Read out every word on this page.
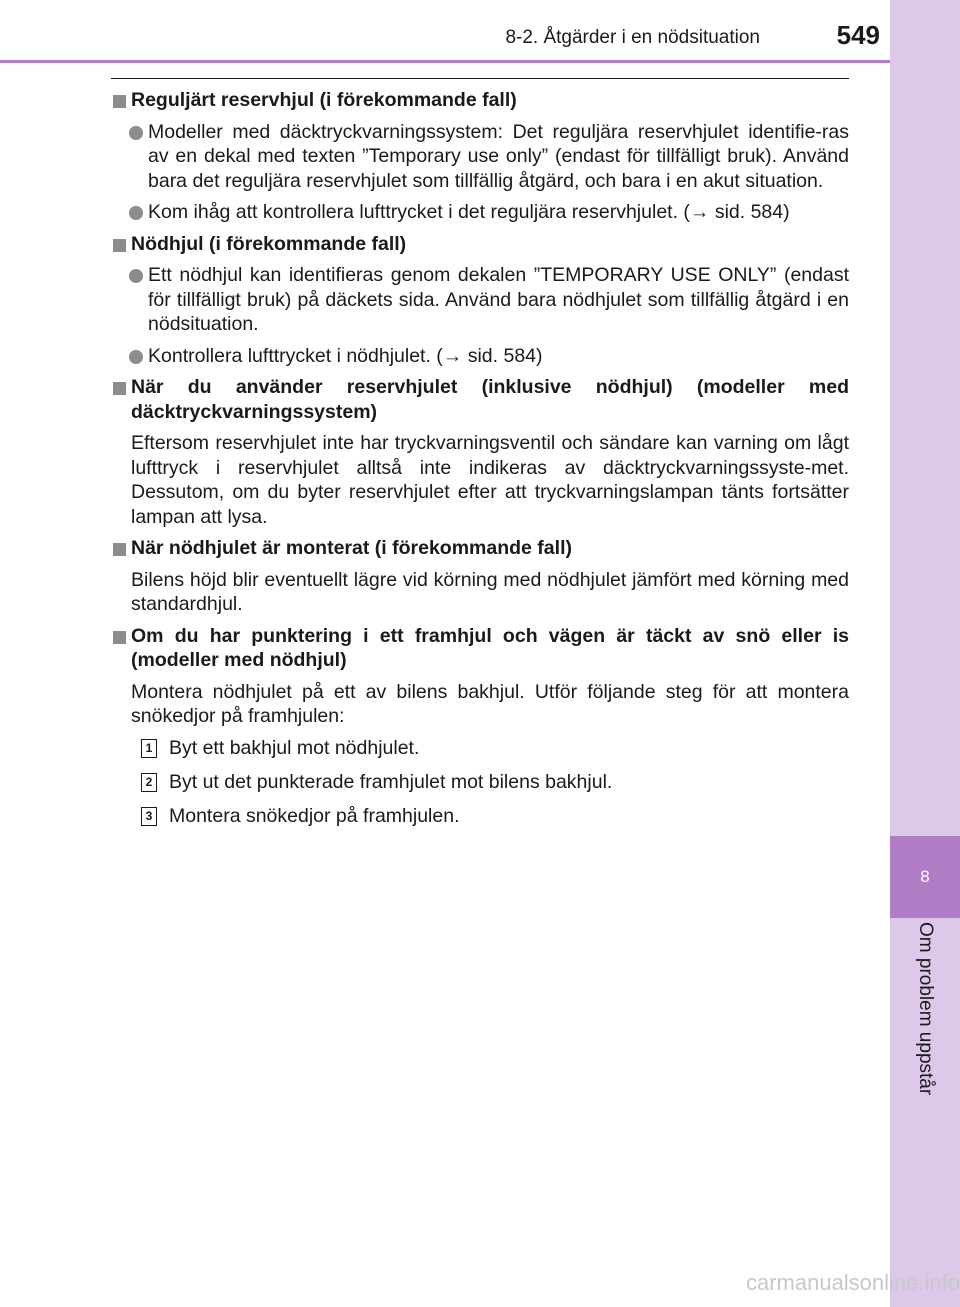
8-2. Åtgärder i en nödsituation	549
8
Om problem uppstår
Reguljärt reservhjul (i förekommande fall)
Modeller med däcktryckvarningssystem: Det reguljära reservhjulet identifie-ras av en dekal med texten ”Temporary use only” (endast för tillfälligt bruk). Använd bara det reguljära reservhjulet som tillfällig åtgärd, och bara i en akut situation.
Kom ihåg att kontrollera lufttrycket i det reguljära reservhjulet. (→ sid. 584)
Nödhjul (i förekommande fall)
Ett nödhjul kan identifieras genom dekalen ”TEMPORARY USE ONLY” (endast för tillfälligt bruk) på däckets sida. Använd bara nödhjulet som tillfällig åtgärd i en nödsituation.
Kontrollera lufttrycket i nödhjulet. (→ sid. 584)
När du använder reservhjulet (inklusive nödhjul) (modeller med däcktryckvarningssystem)
Eftersom reservhjulet inte har tryckvarningsventil och sändare kan varning om lågt lufttryck i reservhjulet alltså inte indikeras av däcktryckvarningssyste-met. Dessutom, om du byter reservhjulet efter att tryckvarningslampan tänts fortsätter lampan att lysa.
När nödhjulet är monterat (i förekommande fall)
Bilens höjd blir eventuellt lägre vid körning med nödhjulet jämfört med körning med standardhjul.
Om du har punktering i ett framhjul och vägen är täckt av snö eller is (modeller med nödhjul)
Montera nödhjulet på ett av bilens bakhjul. Utför följande steg för att montera snökedjor på framhjulen:
1 Byt ett bakhjul mot nödhjulet.
2 Byt ut det punkterade framhjulet mot bilens bakhjul.
3 Montera snökedjor på framhjulen.
carmanualsonline.info
